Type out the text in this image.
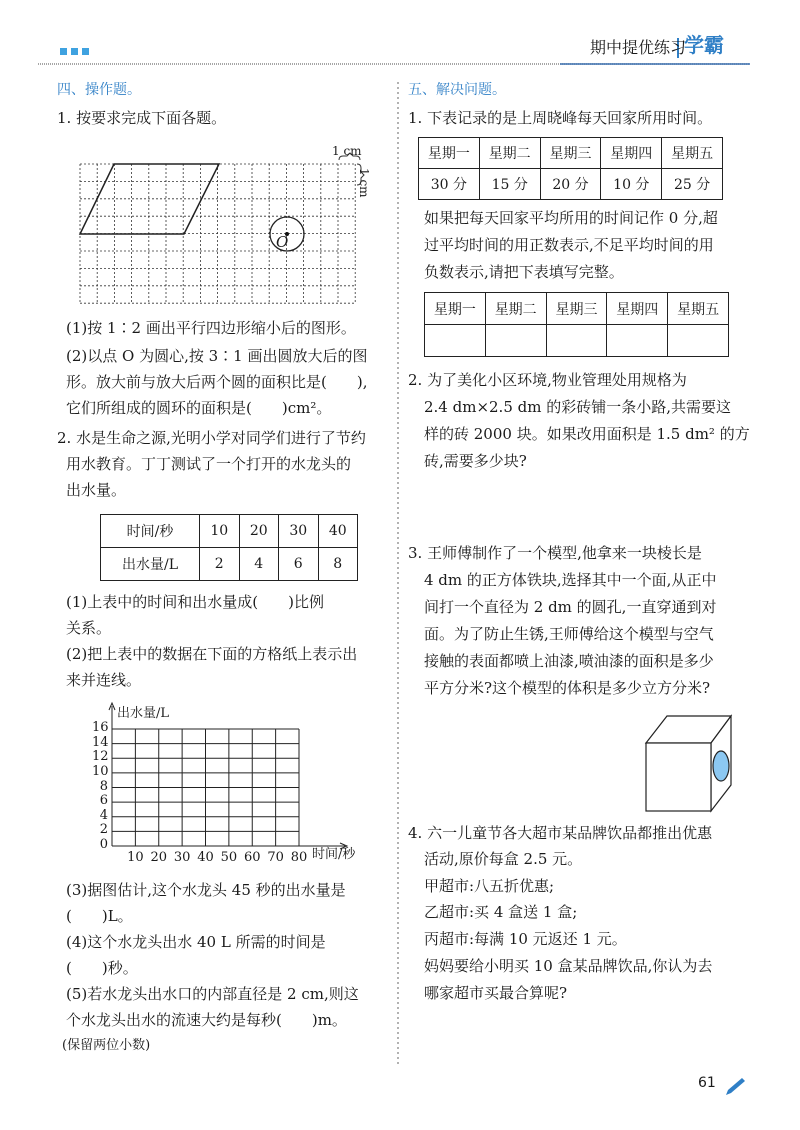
期中提优练习
学霸
四、操作题。	五、解决问题。
1. 按要求完成下面各题。
1 cm
1 cm
O
(1)按 1∶2 画出平行四边形缩小后的图形。
(2)以点 O 为圆心,按 3∶1 画出圆放大后的图
形。放大前与放大后两个圆的面积比是(　　),
它们所组成的圆环的面积是(　　)cm²。
2. 水是生命之源,光明小学对同学们进行了节约
用水教育。丁丁测试了一个打开的水龙头的
出水量。
时间/秒	10	20	30	40
出水量/L	2	4	6	8
(1)上表中的时间和出水量成(　　)比例
关系。
(2)把上表中的数据在下面的方格纸上表示出
来并连线。
出水量/L
时间/秒
0
2
4
6
8
10
12
14
16
10 20 30 40 50 60 70 80
(3)据图估计,这个水龙头 45 秒的出水量是
(　　)L。
(4)这个水龙头出水 40 L 所需的时间是
(　　)秒。
(5)若水龙头出水口的内部直径是 2 cm,则这
个水龙头出水的流速大约是每秒(　　)m。
(保留两位小数)
1. 下表记录的是上周晓峰每天回家所用时间。
星期一	星期二	星期三	星期四	星期五
30 分	15 分	20 分	10 分	25 分
如果把每天回家平均所用的时间记作 0 分,超
过平均时间的用正数表示,不足平均时间的用
负数表示,请把下表填写完整。
星期一	星期二	星期三	星期四	星期五

2. 为了美化小区环境,物业管理处用规格为
2.4 dm×2.5 dm 的彩砖铺一条小路,共需要这
样的砖 2000 块。如果改用面积是 1.5 dm² 的方
砖,需要多少块?
3. 王师傅制作了一个模型,他拿来一块棱长是
4 dm 的正方体铁块,选择其中一个面,从正中
间打一个直径为 2 dm 的圆孔,一直穿通到对
面。为了防止生锈,王师傅给这个模型与空气
接触的表面都喷上油漆,喷油漆的面积是多少
平方分米?这个模型的体积是多少立方分米?
4. 六一儿童节各大超市某品牌饮品都推出优惠
活动,原价每盒 2.5 元。
甲超市:八五折优惠;
乙超市:买 4 盒送 1 盒;
丙超市:每满 10 元返还 1 元。
妈妈要给小明买 10 盒某品牌饮品,你认为去
哪家超市买最合算呢?
61
